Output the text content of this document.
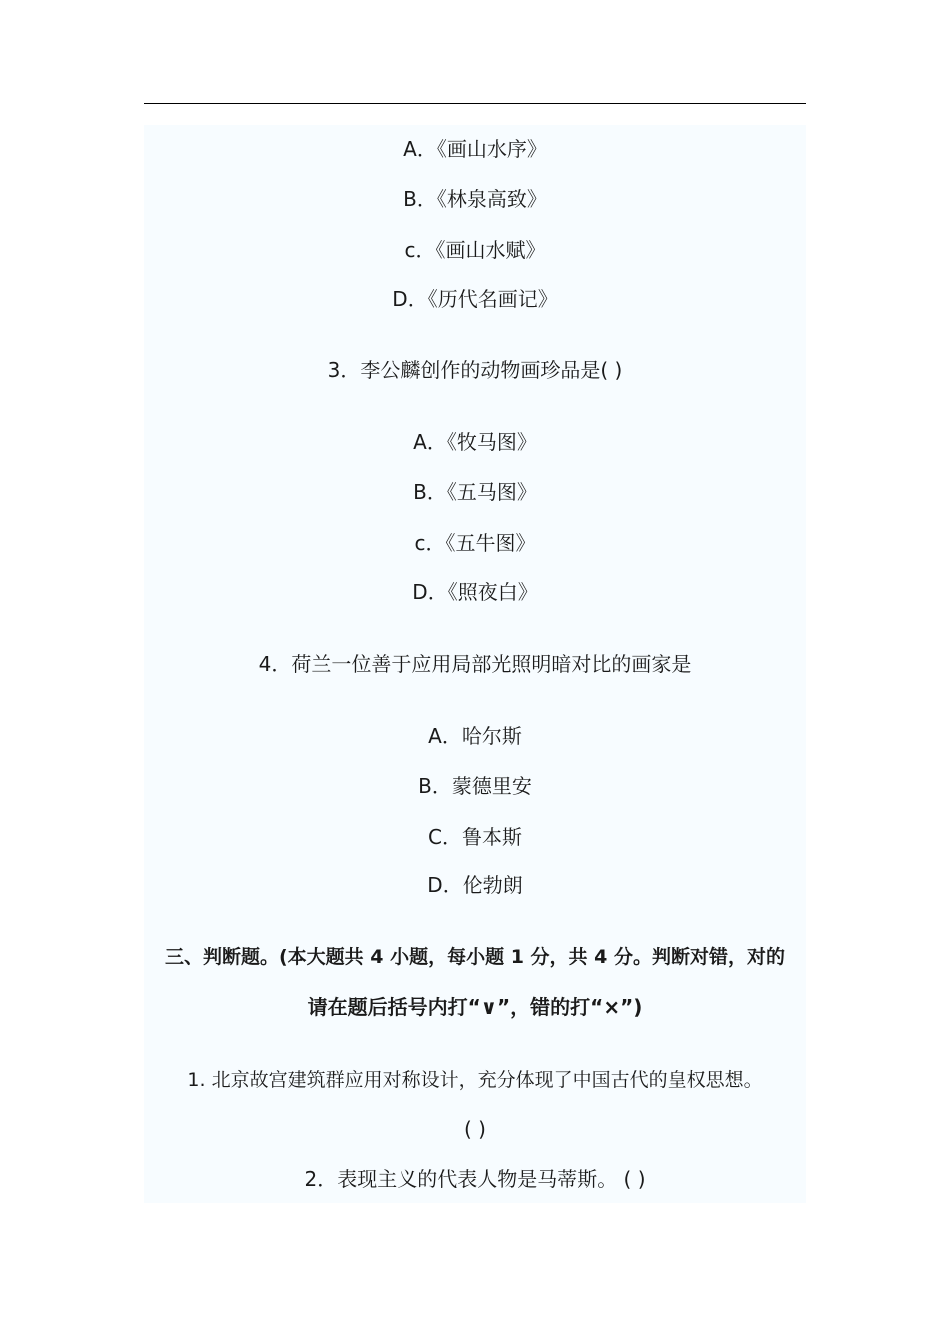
A．《画山水序》
B．《林泉高致》
c．《画山水赋》
D．《历代名画记》
3．李公麟创作的动物画珍品是( )
A．《牧马图》
B．《五马图》
c．《五牛图》
D．《照夜白》
4．荷兰一位善于应用局部光照明暗对比的画家是
A．哈尔斯
B．蒙德里安
C．鲁本斯
D．伦勃朗
三、判断题。(本大题共 4 小题，每小题 1 分，共 4 分。判断对错，对的
请在题后括号内打“∨”，错的打“×”)
1. 北京故宫建筑群应用对称设计，充分体现了中国古代的皇权思想。
( )
2．表现主义的代表人物是马蒂斯。 ( )
